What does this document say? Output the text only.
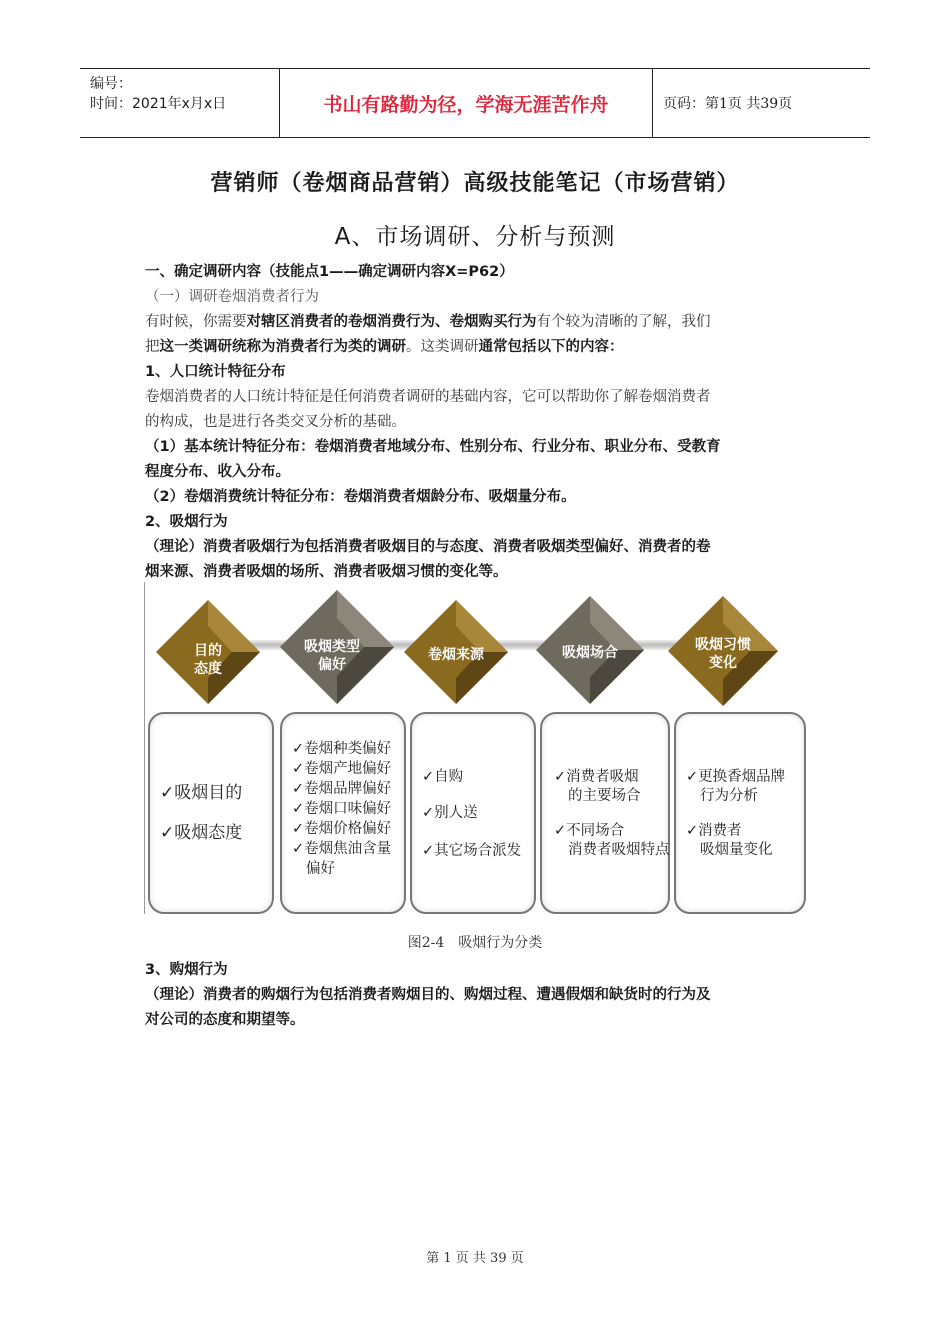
编号：
时间：2021年x月x日	书山有路勤为径，学海无涯苦作舟	页码：第1页 共39页
营销师（卷烟商品营销）高级技能笔记（市场营销）
A、市场调研、分析与预测
一、确定调研内容（技能点1——确定调研内容X=P62）
（一）调研卷烟消费者行为
有时候，你需要对辖区消费者的卷烟消费行为、卷烟购买行为有个较为清晰的了解，我们
把这一类调研统称为消费者行为类的调研。这类调研通常包括以下的内容：
1、人口统计特征分布
卷烟消费者的人口统计特征是任何消费者调研的基础内容，它可以帮助你了解卷烟消费者
的构成，也是进行各类交叉分析的基础。
（1）基本统计特征分布：卷烟消费者地域分布、性别分布、行业分布、职业分布、受教育
程度分布、收入分布。
（2）卷烟消费统计特征分布：卷烟消费者烟龄分布、吸烟量分布。
2、吸烟行为
（理论）消费者吸烟行为包括消费者吸烟目的与态度、消费者吸烟类型偏好、消费者的卷
烟来源、消费者吸烟的场所、消费者吸烟习惯的变化等。
目的
态度
吸烟类型
偏好
卷烟来源	吸烟场合	吸烟习惯
变化
✓吸烟目的
✓吸烟态度
✓卷烟种类偏好
✓卷烟产地偏好
✓卷烟品牌偏好
✓卷烟口味偏好
✓卷烟价格偏好
✓卷烟焦油含量
偏好
✓自购
✓别人送
✓其它场合派发
✓消费者吸烟
的主要场合
✓不同场合
消费者吸烟特点
✓更换香烟品牌
行为分析
✓消费者
吸烟量变化
图2-4　吸烟行为分类
3、购烟行为
（理论）消费者的购烟行为包括消费者购烟目的、购烟过程、遭遇假烟和缺货时的行为及
对公司的态度和期望等。
第 1 页 共 39 页
